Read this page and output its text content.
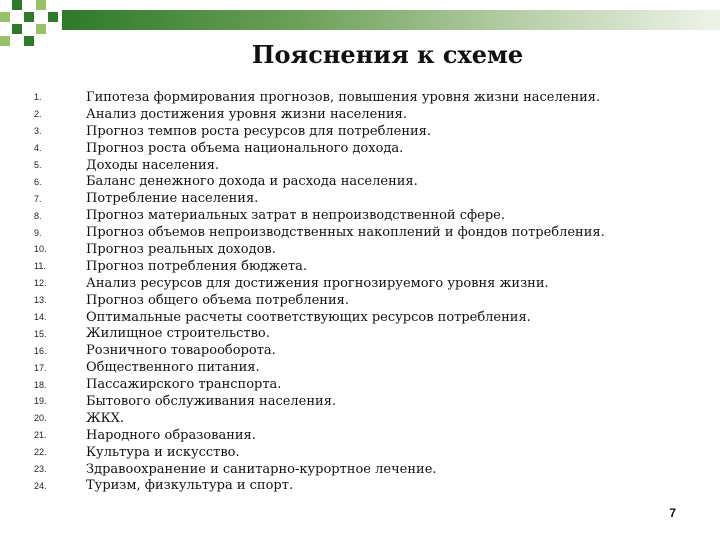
Пояснения к схеме
1.	Гипотеза формирования прогнозов, повышения уровня жизни населения.
2.	Анализ достижения уровня жизни населения.
3.	Прогноз темпов роста ресурсов для потребления.
4.	Прогноз роста объема национального дохода.
5.	Доходы населения.
6.	Баланс денежного дохода и расхода населения.
7.	Потребление населения.
8.	Прогноз материальных затрат в непроизводственной сфере.
9.	Прогноз объемов непроизводственных накоплений и фондов потребления.
10.	Прогноз реальных доходов.
11.	Прогноз потребления бюджета.
12.	Анализ ресурсов для достижения прогнозируемого уровня жизни.
13.	Прогноз общего объема потребления.
14.	Оптимальные расчеты соответствующих ресурсов потребления.
15.	Жилищное строительство.
16.	Розничного товарооборота.
17.	Общественного питания.
18.	Пассажирского транспорта.
19.	Бытового обслуживания населения.
20.	ЖКХ.
21.	Народного образования.
22.	Культура и искусство.
23.	Здравоохранение и санитарно-курортное лечение.
24.	Туризм, физкультура и спорт.
7
